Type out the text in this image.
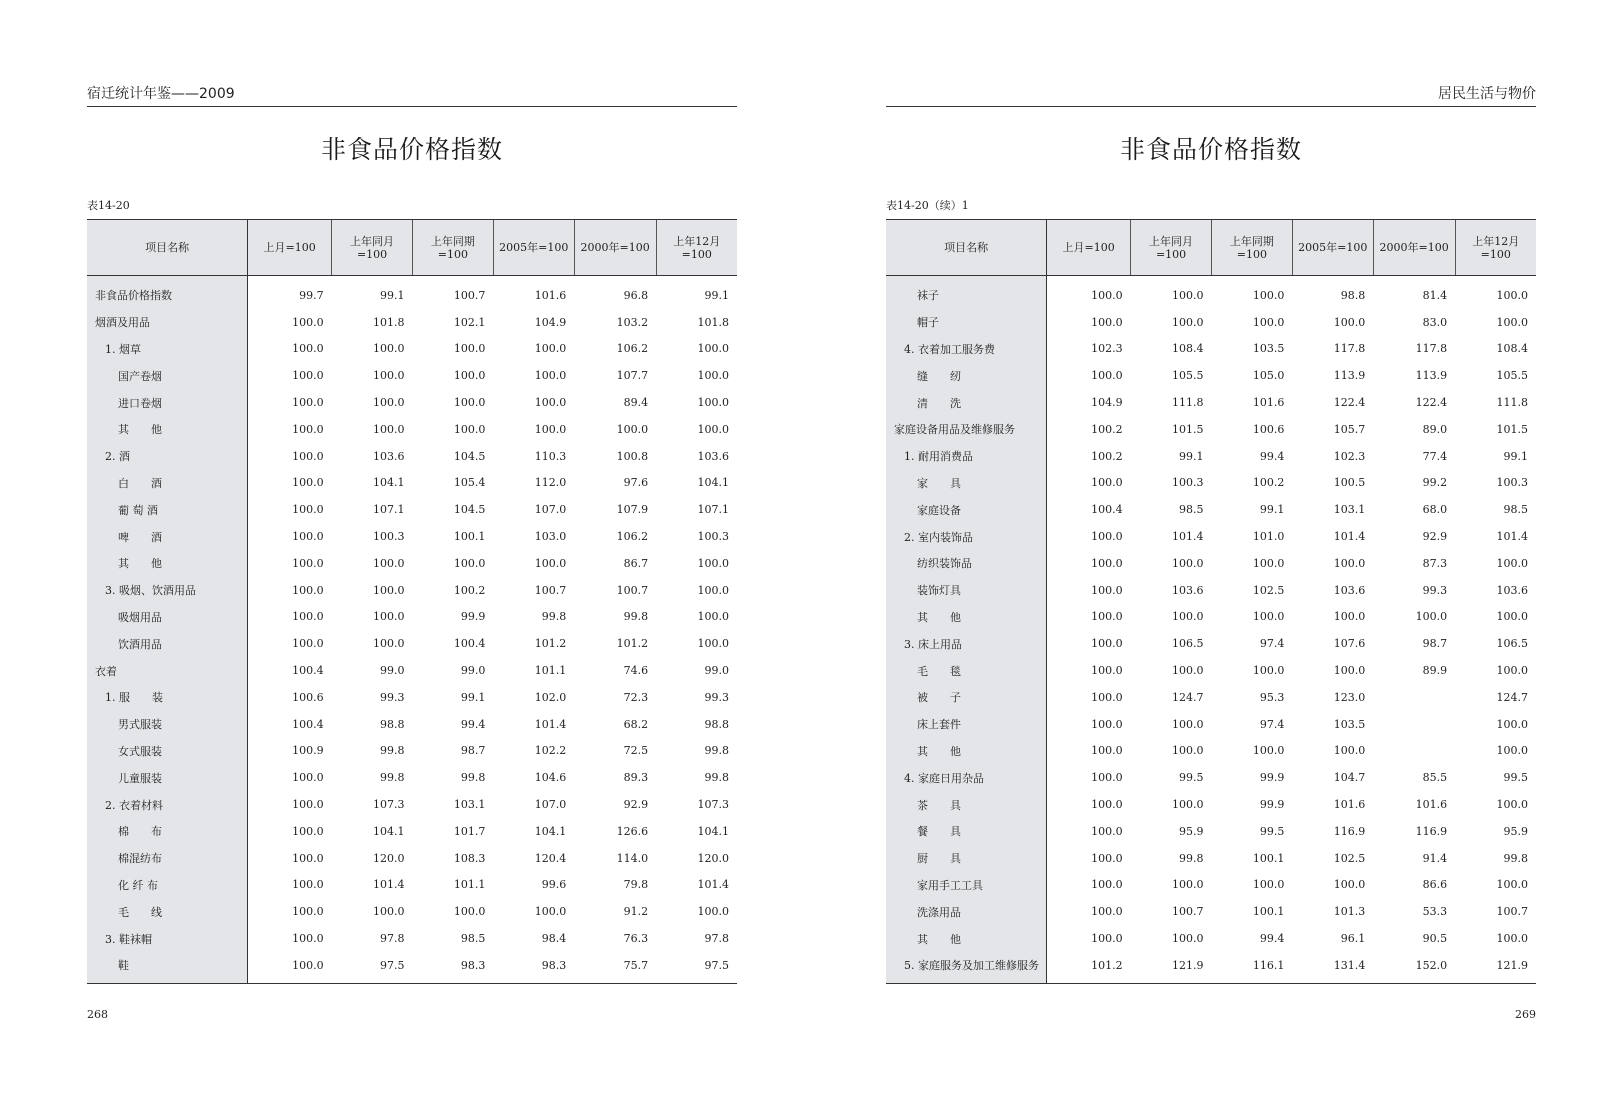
宿迁统计年鉴——2009
非食品价格指数
表14-20
项目名称	上月=100	上年同月=100	上年同期=100	2005年=100	2000年=100	上年12月=100
非食品价格指数	99.7	99.1	100.7	101.6	96.8	99.1
烟酒及用品	100.0	101.8	102.1	104.9	103.2	101.8
1. 烟草	100.0	100.0	100.0	100.0	106.2	100.0
国产卷烟	100.0	100.0	100.0	100.0	107.7	100.0
进口卷烟	100.0	100.0	100.0	100.0	89.4	100.0
其　　他	100.0	100.0	100.0	100.0	100.0	100.0
2. 酒	100.0	103.6	104.5	110.3	100.8	103.6
白　　酒	100.0	104.1	105.4	112.0	97.6	104.1
葡 萄 酒	100.0	107.1	104.5	107.0	107.9	107.1
啤　　酒	100.0	100.3	100.1	103.0	106.2	100.3
其　　他	100.0	100.0	100.0	100.0	86.7	100.0
3. 吸烟、饮酒用品	100.0	100.0	100.2	100.7	100.7	100.0
吸烟用品	100.0	100.0	99.9	99.8	99.8	100.0
饮酒用品	100.0	100.0	100.4	101.2	101.2	100.0
衣着	100.4	99.0	99.0	101.1	74.6	99.0
1. 服　　装	100.6	99.3	99.1	102.0	72.3	99.3
男式服装	100.4	98.8	99.4	101.4	68.2	98.8
女式服装	100.9	99.8	98.7	102.2	72.5	99.8
儿童服装	100.0	99.8	99.8	104.6	89.3	99.8
2. 衣着材料	100.0	107.3	103.1	107.0	92.9	107.3
棉　　布	100.0	104.1	101.7	104.1	126.6	104.1
棉混纺布	100.0	120.0	108.3	120.4	114.0	120.0
化 纤 布	100.0	101.4	101.1	99.6	79.8	101.4
毛　　线	100.0	100.0	100.0	100.0	91.2	100.0
3. 鞋袜帽	100.0	97.8	98.5	98.4	76.3	97.8
鞋	100.0	97.5	98.3	98.3	75.7	97.5
268
居民生活与物价
非食品价格指数
表14-20（续）1
项目名称	上月=100	上年同月=100	上年同期=100	2005年=100	2000年=100	上年12月=100
袜子	100.0	100.0	100.0	98.8	81.4	100.0
帽子	100.0	100.0	100.0	100.0	83.0	100.0
4. 衣着加工服务费	102.3	108.4	103.5	117.8	117.8	108.4
缝　　纫	100.0	105.5	105.0	113.9	113.9	105.5
清　　洗	104.9	111.8	101.6	122.4	122.4	111.8
家庭设备用品及维修服务	100.2	101.5	100.6	105.7	89.0	101.5
1. 耐用消费品	100.2	99.1	99.4	102.3	77.4	99.1
家　　具	100.0	100.3	100.2	100.5	99.2	100.3
家庭设备	100.4	98.5	99.1	103.1	68.0	98.5
2. 室内装饰品	100.0	101.4	101.0	101.4	92.9	101.4
纺织装饰品	100.0	100.0	100.0	100.0	87.3	100.0
装饰灯具	100.0	103.6	102.5	103.6	99.3	103.6
其　　他	100.0	100.0	100.0	100.0	100.0	100.0
3. 床上用品	100.0	106.5	97.4	107.6	98.7	106.5
毛　　毯	100.0	100.0	100.0	100.0	89.9	100.0
被　　子	100.0	124.7	95.3	123.0		124.7
床上套件	100.0	100.0	97.4	103.5		100.0
其　　他	100.0	100.0	100.0	100.0		100.0
4. 家庭日用杂品	100.0	99.5	99.9	104.7	85.5	99.5
茶　　具	100.0	100.0	99.9	101.6	101.6	100.0
餐　　具	100.0	95.9	99.5	116.9	116.9	95.9
厨　　具	100.0	99.8	100.1	102.5	91.4	99.8
家用手工工具	100.0	100.0	100.0	100.0	86.6	100.0
洗涤用品	100.0	100.7	100.1	101.3	53.3	100.7
其　　他	100.0	100.0	99.4	96.1	90.5	100.0
5. 家庭服务及加工维修服务	101.2	121.9	116.1	131.4	152.0	121.9
269
